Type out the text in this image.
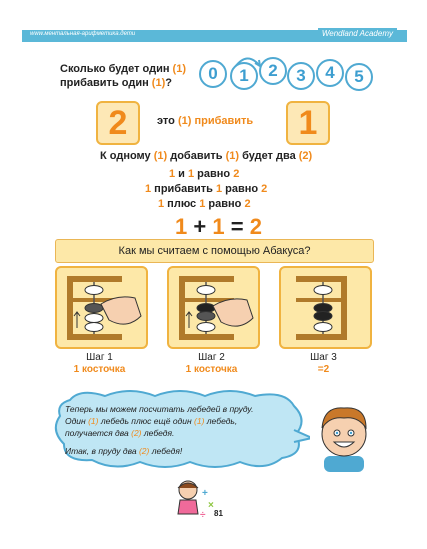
www.ментальная-арифметика.дети	Wendland Academy
Сколько будет один (1)
прибавить один (1)?	0	1	2	3	4	5
2	это (1) прибавить	1
К одному (1) добавить (1) будет два (2)
1 и 1 равно 2
1 прибавить 1 равно 2
1 плюс 1 равно 2
1 + 1 = 2
Как мы считаем с помощью Абакуса?
Шаг 1
1 косточка
Шаг 2
1 косточка
Шаг 3
=2
Теперь мы можем посчитать лебедей в пруду.
Один (1) лебедь плюс ещё один (1) лебедь,
получается два (2) лебедя.
Итак, в пруду два (2) лебедя!
+
×
÷ 81
